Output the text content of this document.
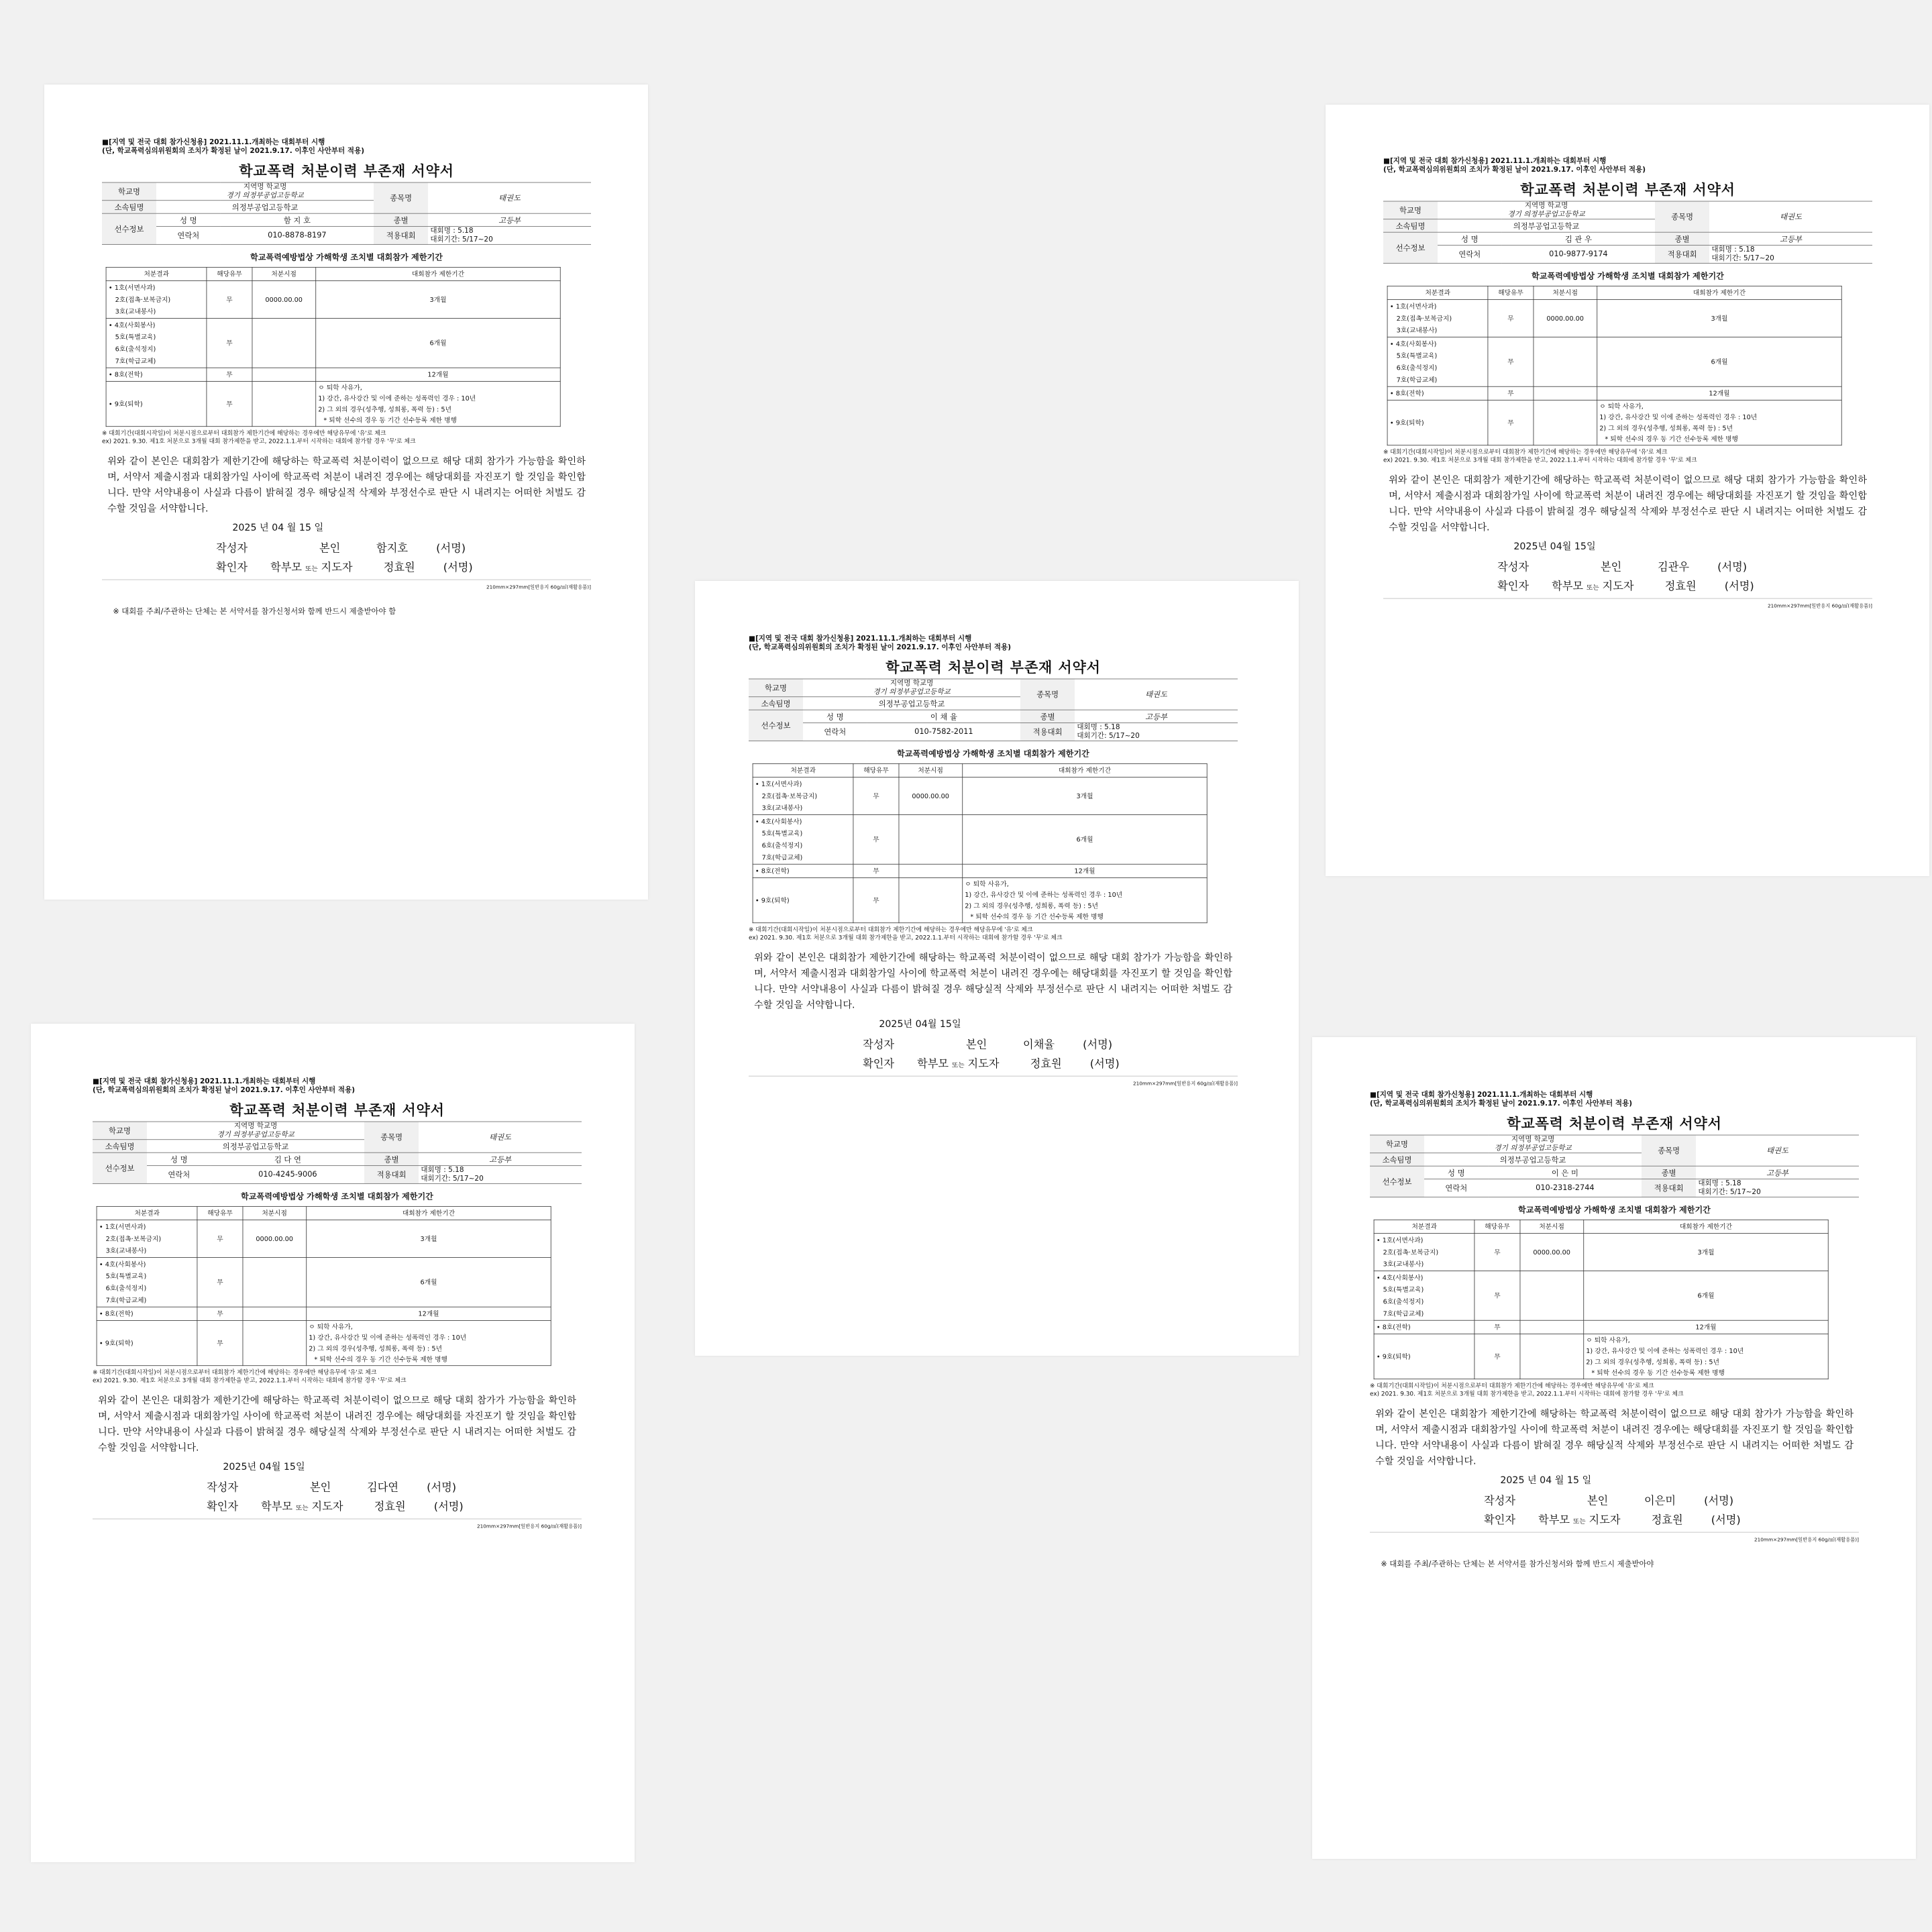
■[지역 및 전국 대회 참가신청용] 2021.11.1.개최하는 대회부터 시행
(단, 학교폭력심의위원회의 조치가 확정된 날이 2021.9.17. 이후인 사안부터 적용)
학교폭력 처분이력 부존재 서약서
학교명	지역명 학교명
경기 의정부공업고등학교		종목명	태권도
소속팀명	의정부공업고등학교			
선수정보	성 명	함 지 호	종별	고등부
	연락처	010-8878-8197	적용대회	대회명 : 5.18
대회기간: 5/17~20
학교폭력예방법상 가해학생 조치별 대회참가 제한기간
처분결과	해당유무	처분시점	대회참가 제한기간

• 1호(서면사과)
2호(접촉·보복금지)
3호(교내봉사)	무	0000.00.00	3개월

• 4호(사회봉사)
5호(특별교육)
6호(출석정지)
7호(학급교체)	무		6개월
• 8호(전학)	무		12개월
• 9호(퇴학)	무		ㅇ 퇴학 사유가,
1) 강간, 유사강간 및 이에 준하는 성폭력인 경우 : 10년
2) 그 외의 경우(성추행, 성희롱, 폭력 등) : 5년
* 퇴학 선수의 경우 동 기간 선수등록 제한 병행
※ 대회기간(대회시작일)이 처분시점으로부터 대회참가 제한기간에 해당하는 경우에만 해당유무에 '유'로 체크
ex) 2021. 9.30. 제1호 처분으로 3개월 대회 참가제한을 받고, 2022.1.1.부터 시작하는 대회에 참가할 경우 '무'로 체크
위와 같이 본인은 대회참가 제한기간에 해당하는 학교폭력 처분이력이 없으므로 해당 대회 참가가 가능함을 확인하며, 서약서 제출시점과 대회참가일 사이에 학교폭력 처분이 내려진 경우에는 해당대회를 자진포기 할 것임을 확인합니다. 만약 서약내용이 사실과 다름이 밝혀질 경우 해당실적 삭제와 부정선수로 판단 시 내려지는 어떠한 처벌도 감수할 것임을 서약합니다.
2025 년 04 월 15 일
작성자	본인	함지호	(서명)
확인자	학부모 또는 지도자	정효원	(서명)
210mm×297mm[일반용지 60g/㎡(재활용품)]
※ 대회를 주최/주관하는 단체는 본 서약서를 참가신청서와 함께 반드시 제출받아야 함
■[지역 및 전국 대회 참가신청용] 2021.11.1.개최하는 대회부터 시행
(단, 학교폭력심의위원회의 조치가 확정된 날이 2021.9.17. 이후인 사안부터 적용)
학교폭력 처분이력 부존재 서약서
학교명	지역명 학교명
경기 의정부공업고등학교		종목명	태권도
소속팀명	의정부공업고등학교			
선수정보	성 명	김 관 우	종별	고등부
	연락처	010-9877-9174	적용대회	대회명 : 5.18
대회기간: 5/17~20
학교폭력예방법상 가해학생 조치별 대회참가 제한기간
처분결과	해당유무	처분시점	대회참가 제한기간

• 1호(서면사과)
2호(접촉·보복금지)
3호(교내봉사)	무	0000.00.00	3개월

• 4호(사회봉사)
5호(특별교육)
6호(출석정지)
7호(학급교체)	무		6개월
• 8호(전학)	무		12개월
• 9호(퇴학)	무		ㅇ 퇴학 사유가,
1) 강간, 유사강간 및 이에 준하는 성폭력인 경우 : 10년
2) 그 외의 경우(성추행, 성희롱, 폭력 등) : 5년
* 퇴학 선수의 경우 동 기간 선수등록 제한 병행
※ 대회기간(대회시작일)이 처분시점으로부터 대회참가 제한기간에 해당하는 경우에만 해당유무에 '유'로 체크
ex) 2021. 9.30. 제1호 처분으로 3개월 대회 참가제한을 받고, 2022.1.1.부터 시작하는 대회에 참가할 경우 '무'로 체크
위와 같이 본인은 대회참가 제한기간에 해당하는 학교폭력 처분이력이 없으므로 해당 대회 참가가 가능함을 확인하며, 서약서 제출시점과 대회참가일 사이에 학교폭력 처분이 내려진 경우에는 해당대회를 자진포기 할 것임을 확인합니다. 만약 서약내용이 사실과 다름이 밝혀질 경우 해당실적 삭제와 부정선수로 판단 시 내려지는 어떠한 처벌도 감수할 것임을 서약합니다.
2025년 04월 15일
작성자	본인	김관우	(서명)
확인자	학부모 또는 지도자	정효원	(서명)
210mm×297mm[일반용지 60g/㎡(재활용품)]
■[지역 및 전국 대회 참가신청용] 2021.11.1.개최하는 대회부터 시행
(단, 학교폭력심의위원회의 조치가 확정된 날이 2021.9.17. 이후인 사안부터 적용)
학교폭력 처분이력 부존재 서약서
학교명	지역명 학교명
경기 의정부공업고등학교		종목명	태권도
소속팀명	의정부공업고등학교			
선수정보	성 명	이 채 율	종별	고등부
	연락처	010-7582-2011	적용대회	대회명 : 5.18
대회기간: 5/17~20
학교폭력예방법상 가해학생 조치별 대회참가 제한기간
처분결과	해당유무	처분시점	대회참가 제한기간

• 1호(서면사과)
2호(접촉·보복금지)
3호(교내봉사)	무	0000.00.00	3개월

• 4호(사회봉사)
5호(특별교육)
6호(출석정지)
7호(학급교체)	무		6개월
• 8호(전학)	무		12개월
• 9호(퇴학)	무		ㅇ 퇴학 사유가,
1) 강간, 유사강간 및 이에 준하는 성폭력인 경우 : 10년
2) 그 외의 경우(성추행, 성희롱, 폭력 등) : 5년
* 퇴학 선수의 경우 동 기간 선수등록 제한 병행
※ 대회기간(대회시작일)이 처분시점으로부터 대회참가 제한기간에 해당하는 경우에만 해당유무에 '유'로 체크
ex) 2021. 9.30. 제1호 처분으로 3개월 대회 참가제한을 받고, 2022.1.1.부터 시작하는 대회에 참가할 경우 '무'로 체크
위와 같이 본인은 대회참가 제한기간에 해당하는 학교폭력 처분이력이 없으므로 해당 대회 참가가 가능함을 확인하며, 서약서 제출시점과 대회참가일 사이에 학교폭력 처분이 내려진 경우에는 해당대회를 자진포기 할 것임을 확인합니다. 만약 서약내용이 사실과 다름이 밝혀질 경우 해당실적 삭제와 부정선수로 판단 시 내려지는 어떠한 처벌도 감수할 것임을 서약합니다.
2025년 04월 15일
작성자	본인	이채율	(서명)
확인자	학부모 또는 지도자	정효원	(서명)
210mm×297mm[일반용지 60g/㎡(재활용품)]
■[지역 및 전국 대회 참가신청용] 2021.11.1.개최하는 대회부터 시행
(단, 학교폭력심의위원회의 조치가 확정된 날이 2021.9.17. 이후인 사안부터 적용)
학교폭력 처분이력 부존재 서약서
학교명	지역명 학교명
경기 의정부공업고등학교		종목명	태권도
소속팀명	의정부공업고등학교			
선수정보	성 명	김 다 연	종별	고등부
	연락처	010-4245-9006	적용대회	대회명 : 5.18
대회기간: 5/17~20
학교폭력예방법상 가해학생 조치별 대회참가 제한기간
처분결과	해당유무	처분시점	대회참가 제한기간

• 1호(서면사과)
2호(접촉·보복금지)
3호(교내봉사)	무	0000.00.00	3개월

• 4호(사회봉사)
5호(특별교육)
6호(출석정지)
7호(학급교체)	무		6개월
• 8호(전학)	무		12개월
• 9호(퇴학)	무		ㅇ 퇴학 사유가,
1) 강간, 유사강간 및 이에 준하는 성폭력인 경우 : 10년
2) 그 외의 경우(성추행, 성희롱, 폭력 등) : 5년
* 퇴학 선수의 경우 동 기간 선수등록 제한 병행
※ 대회기간(대회시작일)이 처분시점으로부터 대회참가 제한기간에 해당하는 경우에만 해당유무에 '유'로 체크
ex) 2021. 9.30. 제1호 처분으로 3개월 대회 참가제한을 받고, 2022.1.1.부터 시작하는 대회에 참가할 경우 '무'로 체크
위와 같이 본인은 대회참가 제한기간에 해당하는 학교폭력 처분이력이 없으므로 해당 대회 참가가 가능함을 확인하며, 서약서 제출시점과 대회참가일 사이에 학교폭력 처분이 내려진 경우에는 해당대회를 자진포기 할 것임을 확인합니다. 만약 서약내용이 사실과 다름이 밝혀질 경우 해당실적 삭제와 부정선수로 판단 시 내려지는 어떠한 처벌도 감수할 것임을 서약합니다.
2025년 04월 15일
작성자	본인	김다연	(서명)
확인자	학부모 또는 지도자	정효원	(서명)
210mm×297mm[일반용지 60g/㎡(재활용품)]
■[지역 및 전국 대회 참가신청용] 2021.11.1.개최하는 대회부터 시행
(단, 학교폭력심의위원회의 조치가 확정된 날이 2021.9.17. 이후인 사안부터 적용)
학교폭력 처분이력 부존재 서약서
학교명	지역명 학교명
경기 의정부공업고등학교		종목명	태권도
소속팀명	의정부공업고등학교			
선수정보	성 명	이 은 미	종별	고등부
	연락처	010-2318-2744	적용대회	대회명 : 5.18
대회기간: 5/17~20
학교폭력예방법상 가해학생 조치별 대회참가 제한기간
처분결과	해당유무	처분시점	대회참가 제한기간

• 1호(서면사과)
2호(접촉·보복금지)
3호(교내봉사)	무	0000.00.00	3개월

• 4호(사회봉사)
5호(특별교육)
6호(출석정지)
7호(학급교체)	무		6개월
• 8호(전학)	무		12개월
• 9호(퇴학)	무		ㅇ 퇴학 사유가,
1) 강간, 유사강간 및 이에 준하는 성폭력인 경우 : 10년
2) 그 외의 경우(성추행, 성희롱, 폭력 등) : 5년
* 퇴학 선수의 경우 동 기간 선수등록 제한 병행
※ 대회기간(대회시작일)이 처분시점으로부터 대회참가 제한기간에 해당하는 경우에만 해당유무에 '유'로 체크
ex) 2021. 9.30. 제1호 처분으로 3개월 대회 참가제한을 받고, 2022.1.1.부터 시작하는 대회에 참가할 경우 '무'로 체크
위와 같이 본인은 대회참가 제한기간에 해당하는 학교폭력 처분이력이 없으므로 해당 대회 참가가 가능함을 확인하며, 서약서 제출시점과 대회참가일 사이에 학교폭력 처분이 내려진 경우에는 해당대회를 자진포기 할 것임을 확인합니다. 만약 서약내용이 사실과 다름이 밝혀질 경우 해당실적 삭제와 부정선수로 판단 시 내려지는 어떠한 처벌도 감수할 것임을 서약합니다.
2025 년 04 월 15 일
작성자	본인	이은미	(서명)
확인자	학부모 또는 지도자	정효원	(서명)
210mm×297mm[일반용지 60g/㎡(재활용품)]
※ 대회를 주최/주관하는 단체는 본 서약서를 참가신청서와 함께 반드시 제출받아야
